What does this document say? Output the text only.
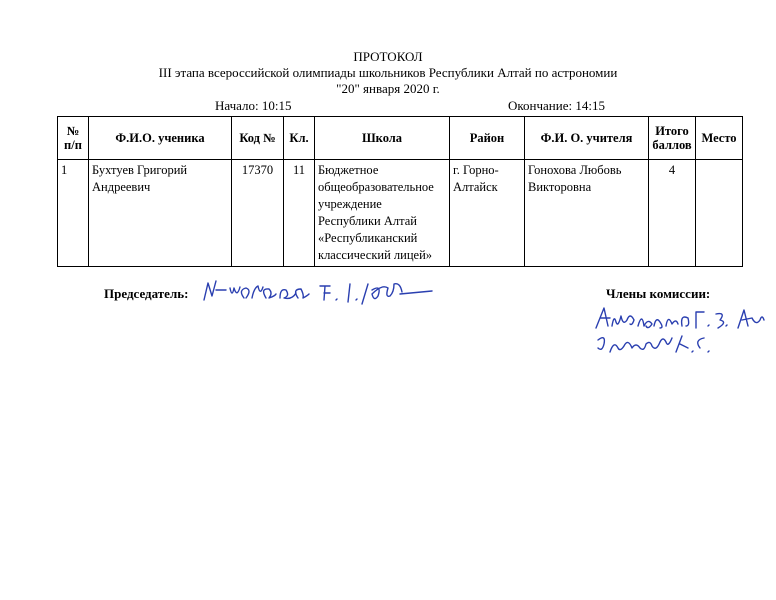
ПРОТОКОЛ
III этапа всероссийской олимпиады школьников Республики Алтай по астрономии
"20" января 2020 г.
Начало: 10:15	Окончание: 14:15
№ п/п	Ф.И.О. ученика	Код №	Кл.	Школа	Район	Ф.И. О. учителя	Итого баллов	Место
1	Бухтуев Григорий Андреевич	17370	11	Бюджетное общеобразовательное учреждение Республики Алтай «Республиканский классический лицей»	г. Горно-Алтайск	Гонохова Любовь Викторовна	4	
Председатель:	Члены комиссии:
